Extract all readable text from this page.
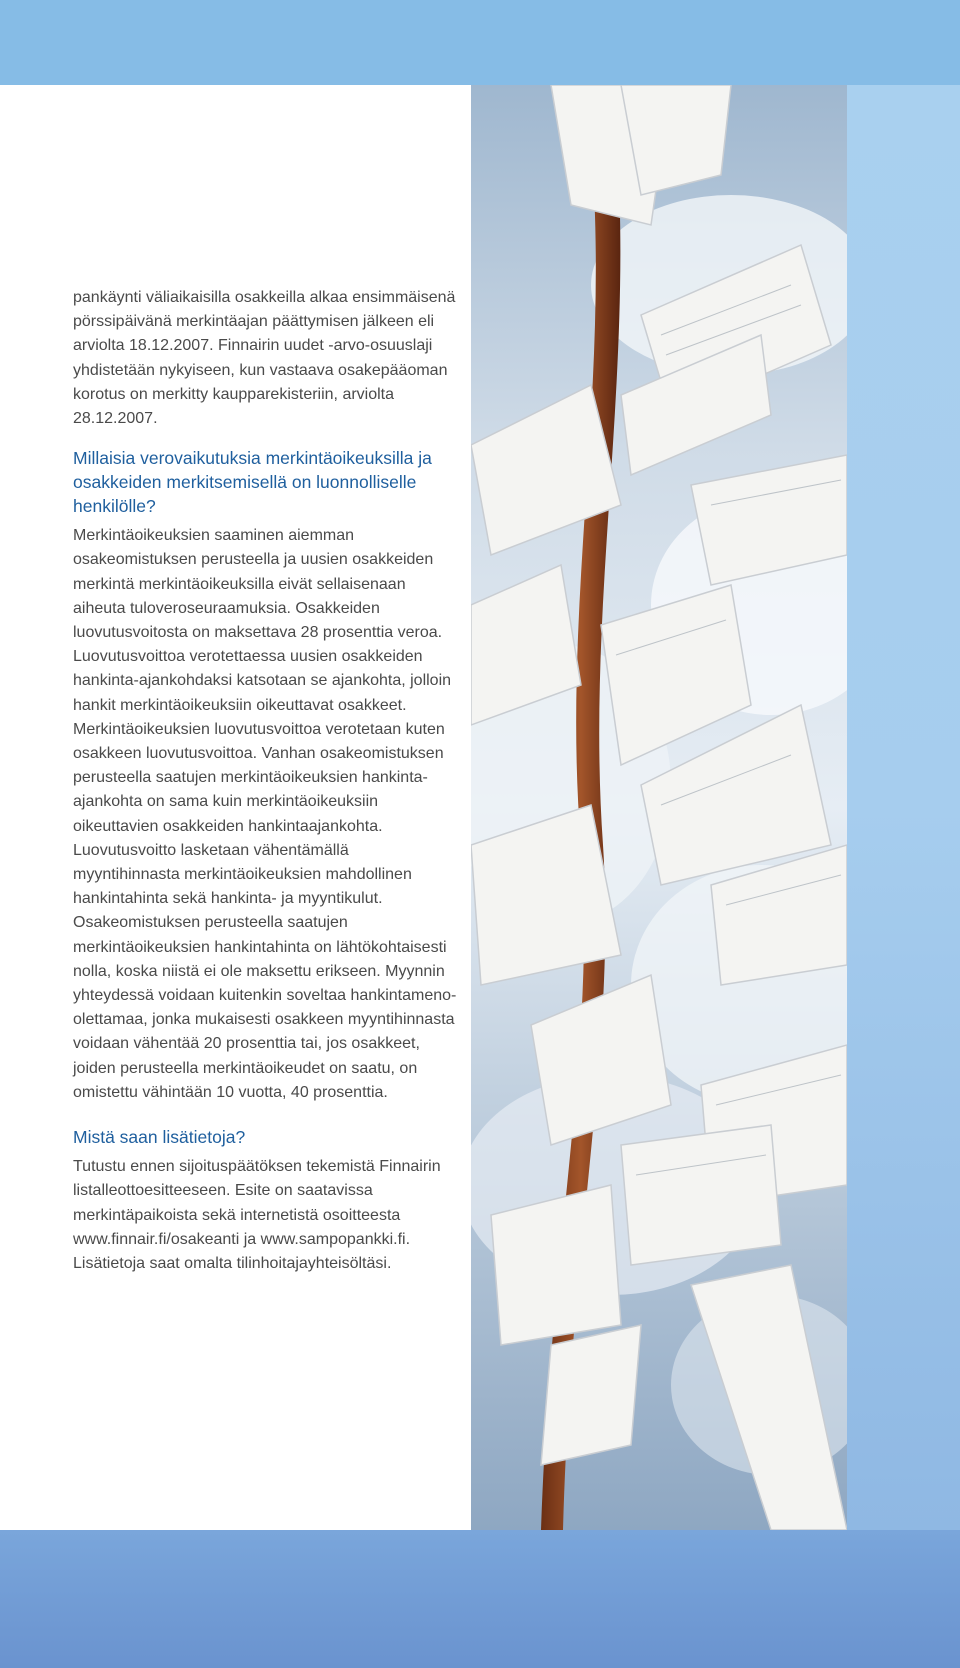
pankäynti väliaikaisilla osakkeilla alkaa ensimmäisenä pörssipäivänä merkintäajan päättymisen jälkeen eli arviolta 18.12.2007. Finnairin uudet -arvo-osuuslaji yhdistetään nykyiseen, kun vastaava osakepääoman korotus on merkitty kaupparekisteriin, arviolta 28.12.2007.

Millaisia verovaikutuksia merkintäoikeuksilla ja osakkeiden merkitsemisellä on luonnolliselle henkilölle?

Merkintäoikeuksien saaminen aiemman osakeomistuksen perusteella ja uusien osakkeiden merkintä merkintäoikeuksilla eivät sellaisenaan aiheuta tuloveroseuraamuksia. Osakkeiden luovutusvoitosta on maksettava 28 prosenttia veroa. Luovutusvoittoa verotettaessa uusien osakkeiden hankinta-ajankohdaksi katsotaan se ajankohta, jolloin hankit merkintäoikeuksiin oikeuttavat osakkeet. Merkintäoikeuksien luovutusvoittoa verotetaan kuten osakkeen luovutusvoittoa. Vanhan osakeomistuksen perusteella saatujen merkintäoikeuksien hankinta-ajankohta on sama kuin merkintäoikeuksiin oikeuttavien osakkeiden hankintaajankohta. Luovutusvoitto lasketaan vähentämällä myyntihinnasta merkintäoikeuksien mahdollinen hankintahinta sekä hankinta- ja myyntikulut. Osakeomistuksen perusteella saatujen merkintäoikeuksien hankintahinta on lähtökohtaisesti nolla, koska niistä ei ole maksettu erikseen. Myynnin yhteydessä voidaan kuitenkin soveltaa hankintameno-olettamaa, jonka mukaisesti osakkeen myyntihinnasta voidaan vähentää 20 prosenttia tai, jos osakkeet, joiden perusteella merkintäoikeudet on saatu, on omistettu vähintään 10 vuotta, 40 prosenttia.

Mistä saan lisätietoja?

Tutustu ennen sijoituspäätöksen tekemistä Finnairin listalleottoesitteeseen. Esite on saatavissa merkintäpaikoista sekä internetistä osoitteesta www.finnair.fi/osakeanti ja www.sampopankki.fi. Lisätietoja saat omalta tilinhoitajayhteisöltäsi.
